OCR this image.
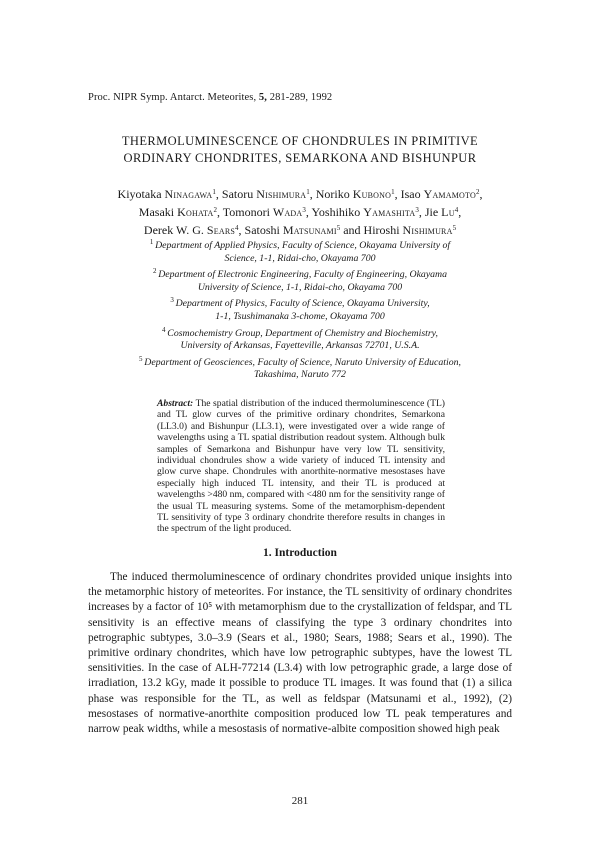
Proc. NIPR Symp. Antarct. Meteorites, 5, 281-289, 1992
THERMOLUMINESCENCE OF CHONDRULES IN PRIMITIVE
ORDINARY CHONDRITES, SEMARKONA AND BISHUNPUR
Kiyotaka Ninagawa$^1$, Satoru Nishimura$^1$, Noriko Kubono$^1$, Isao Yamamoto$^2$,
Masaki Kohata$^2$, Tomonori Wada$^3$, Yoshihiko Yamashita$^3$, Jie Lu$^4$,
Derek W. G. Sears$^4$, Satoshi Matsunami$^5$ and Hiroshi Nishimura$^5$
$^1$ Department of Applied Physics, Faculty of Science, Okayama University of
Science, 1-1, Ridai-cho, Okayama 700
$^2$ Department of Electronic Engineering, Faculty of Engineering, Okayama
University of Science, 1-1, Ridai-cho, Okayama 700
$^3$ Department of Physics, Faculty of Science, Okayama University,
1-1, Tsushimanaka 3-chome, Okayama 700
$^4$ Cosmochemistry Group, Department of Chemistry and Biochemistry,
University of Arkansas, Fayetteville, Arkansas 72701, U.S.A.
$^5$ Department of Geosciences, Faculty of Science, Naruto University of Education,
Takashima, Naruto 772
Abstract: The spatial distribution of the induced thermoluminescence (TL) and TL glow curves of the primitive ordinary chondrites, Semarkona (LL3.0) and Bishunpur (LL3.1), were investigated over a wide range of wavelengths using a TL spatial distribution readout system. Although bulk samples of Semarkona and Bishunpur have very low TL sensitivity, individual chondrules show a wide variety of induced TL intensity and glow curve shape. Chondrules with anorthite-normative mesostases have especially high induced TL intensity, and their TL is produced at wavelengths >480 nm, compared with <480 nm for the sensitivity range of the usual TL measuring systems. Some of the metamorphism-dependent TL sensitivity of type 3 ordinary chondrite therefore results in changes in the spectrum of the light produced.
1. Introduction
The induced thermoluminescence of ordinary chondrites provided unique insights into the metamorphic history of meteorites. For instance, the TL sensitivity of ordinary chondrites increases by a factor of 10⁵ with metamorphism due to the crystallization of feldspar, and TL sensitivity is an effective means of classifying the type 3 ordinary chondrites into petrographic subtypes, 3.0–3.9 (Sears et al., 1980; Sears, 1988; Sears et al., 1990). The primitive ordinary chondrites, which have low petrographic subtypes, have the lowest TL sensitivities. In the case of ALH-77214 (L3.4) with low petrographic grade, a large dose of irradiation, 13.2 kGy, made it possible to produce TL images. It was found that (1) a silica phase was responsible for the TL, as well as feldspar (Matsunami et al., 1992), (2) mesostases of normative-anorthite composition produced low TL peak temperatures and narrow peak widths, while a mesostasis of normative-albite composition showed high peak
281
